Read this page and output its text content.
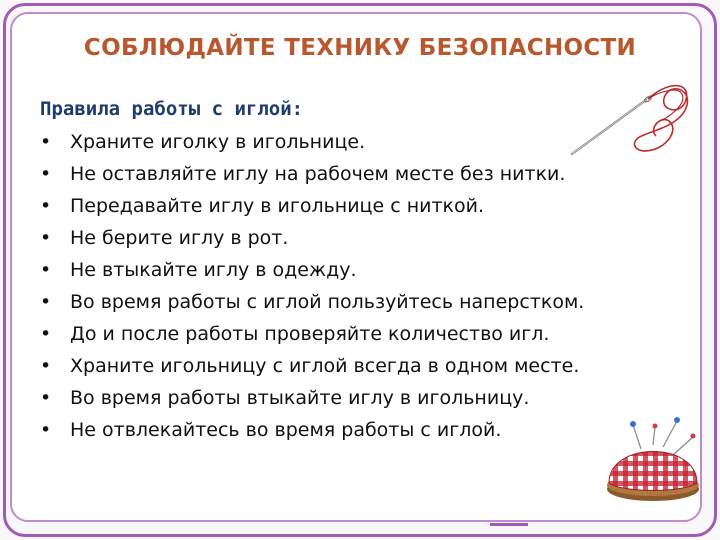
СОБЛЮДАЙТЕ ТЕХНИКУ БЕЗОПАСНОСТИ
Правила работы с иглой:
• Храните иголку в игольнице.
• Не оставляйте иглу на рабочем месте без нитки.
• Передавайте иглу в игольнице с ниткой.
• Не берите иглу в рот.
• Не втыкайте иглу в одежду.
• Во время работы с иглой пользуйтесь наперстком.
• До и после работы проверяйте количество игл.
• Храните игольницу с иглой всегда в одном месте.
• Во время работы втыкайте иглу в игольницу.
• Не отвлекайтесь во время работы с иглой.
